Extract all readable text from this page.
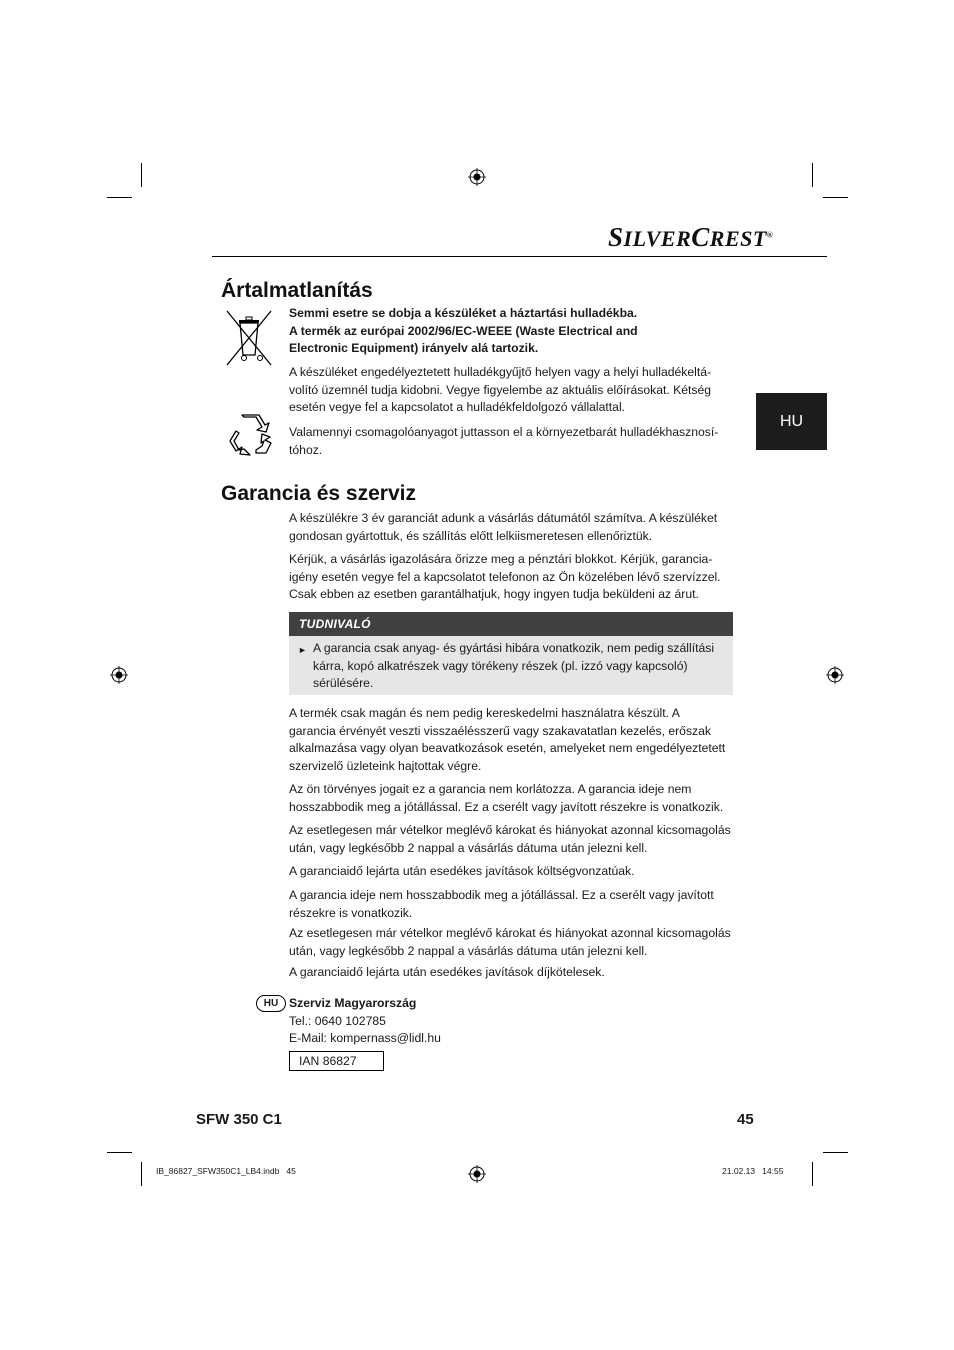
SILVERCREST®
HU
Ártalmatlanítás
Semmi esetre se dobja a készüléket a háztartási hulladékba.
A termék az európai 2002/96/EC-WEEE (Waste Electrical and
Electronic Equipment) irányelv alá tartozik.
A készüléket engedélyeztetett hulladékgyűjtő helyen vagy a helyi hulladékeltá-
volító üzemnél tudja kidobni. Vegye figyelembe az aktuális előírásokat. Kétség
esetén vegye fel a kapcsolatot a hulladékfeldolgozó vállalattal.
Valamennyi csomagolóanyagot juttasson el a környezetbarát hulladékhasznosí-
tóhoz.
Garancia és szerviz
A készülékre 3 év garanciát adunk a vásárlás dátumától számítva. A készüléket
gondosan gyártottuk, és szállítás előtt lelkiismeretesen ellenőriztük.
Kérjük, a vásárlás igazolására őrizze meg a pénztári blokkot. Kérjük, garancia-
igény esetén vegye fel a kapcsolatot telefonon az Ön közelében lévő szervízzel.
Csak ebben az esetben garantálhatjuk, hogy ingyen tudja beküldeni az árut.
TUDNIVALÓ
► A garancia csak anyag- és gyártási hibára vonatkozik, nem pedig szállítási
kárra, kopó alkatrészek vagy törékeny részek (pl. izzó vagy kapcsoló)
sérülésére.
A termék csak magán és nem pedig kereskedelmi használatra készült. A
garancia érvényét veszti visszaélésszerű vagy szakavatatlan kezelés, erőszak
alkalmazása vagy olyan beavatkozások esetén, amelyeket nem engedélyeztetett
szervizelő üzleteink hajtottak végre.
Az ön törvényes jogait ez a garancia nem korlátozza. A garancia ideje nem
hosszabbodik meg a jótállással. Ez a cserélt vagy javított részekre is vonatkozik.
Az esetlegesen már vételkor meglévő károkat és hiányokat azonnal kicsomagolás
után, vagy legkésőbb 2 nappal a vásárlás dátuma után jelezni kell.
A garanciaidő lejárta után esedékes javítások költségvonzatúak.
A garancia ideje nem hosszabbodik meg a jótállással. Ez a cserélt vagy javított
részekre is vonatkozik.
Az esetlegesen már vételkor meglévő károkat és hiányokat azonnal kicsomagolás
után, vagy legkésőbb 2 nappal a vásárlás dátuma után jelezni kell.
A garanciaidő lejárta után esedékes javítások díjkötelesek.
HU Szerviz Magyarország
Tel.: 0640 102785
E-Mail: kompernass@lidl.hu
IAN 86827
SFW 350 C1	45
IB_86827_SFW350C1_LB4.indb   45	21.02.13   14:55
